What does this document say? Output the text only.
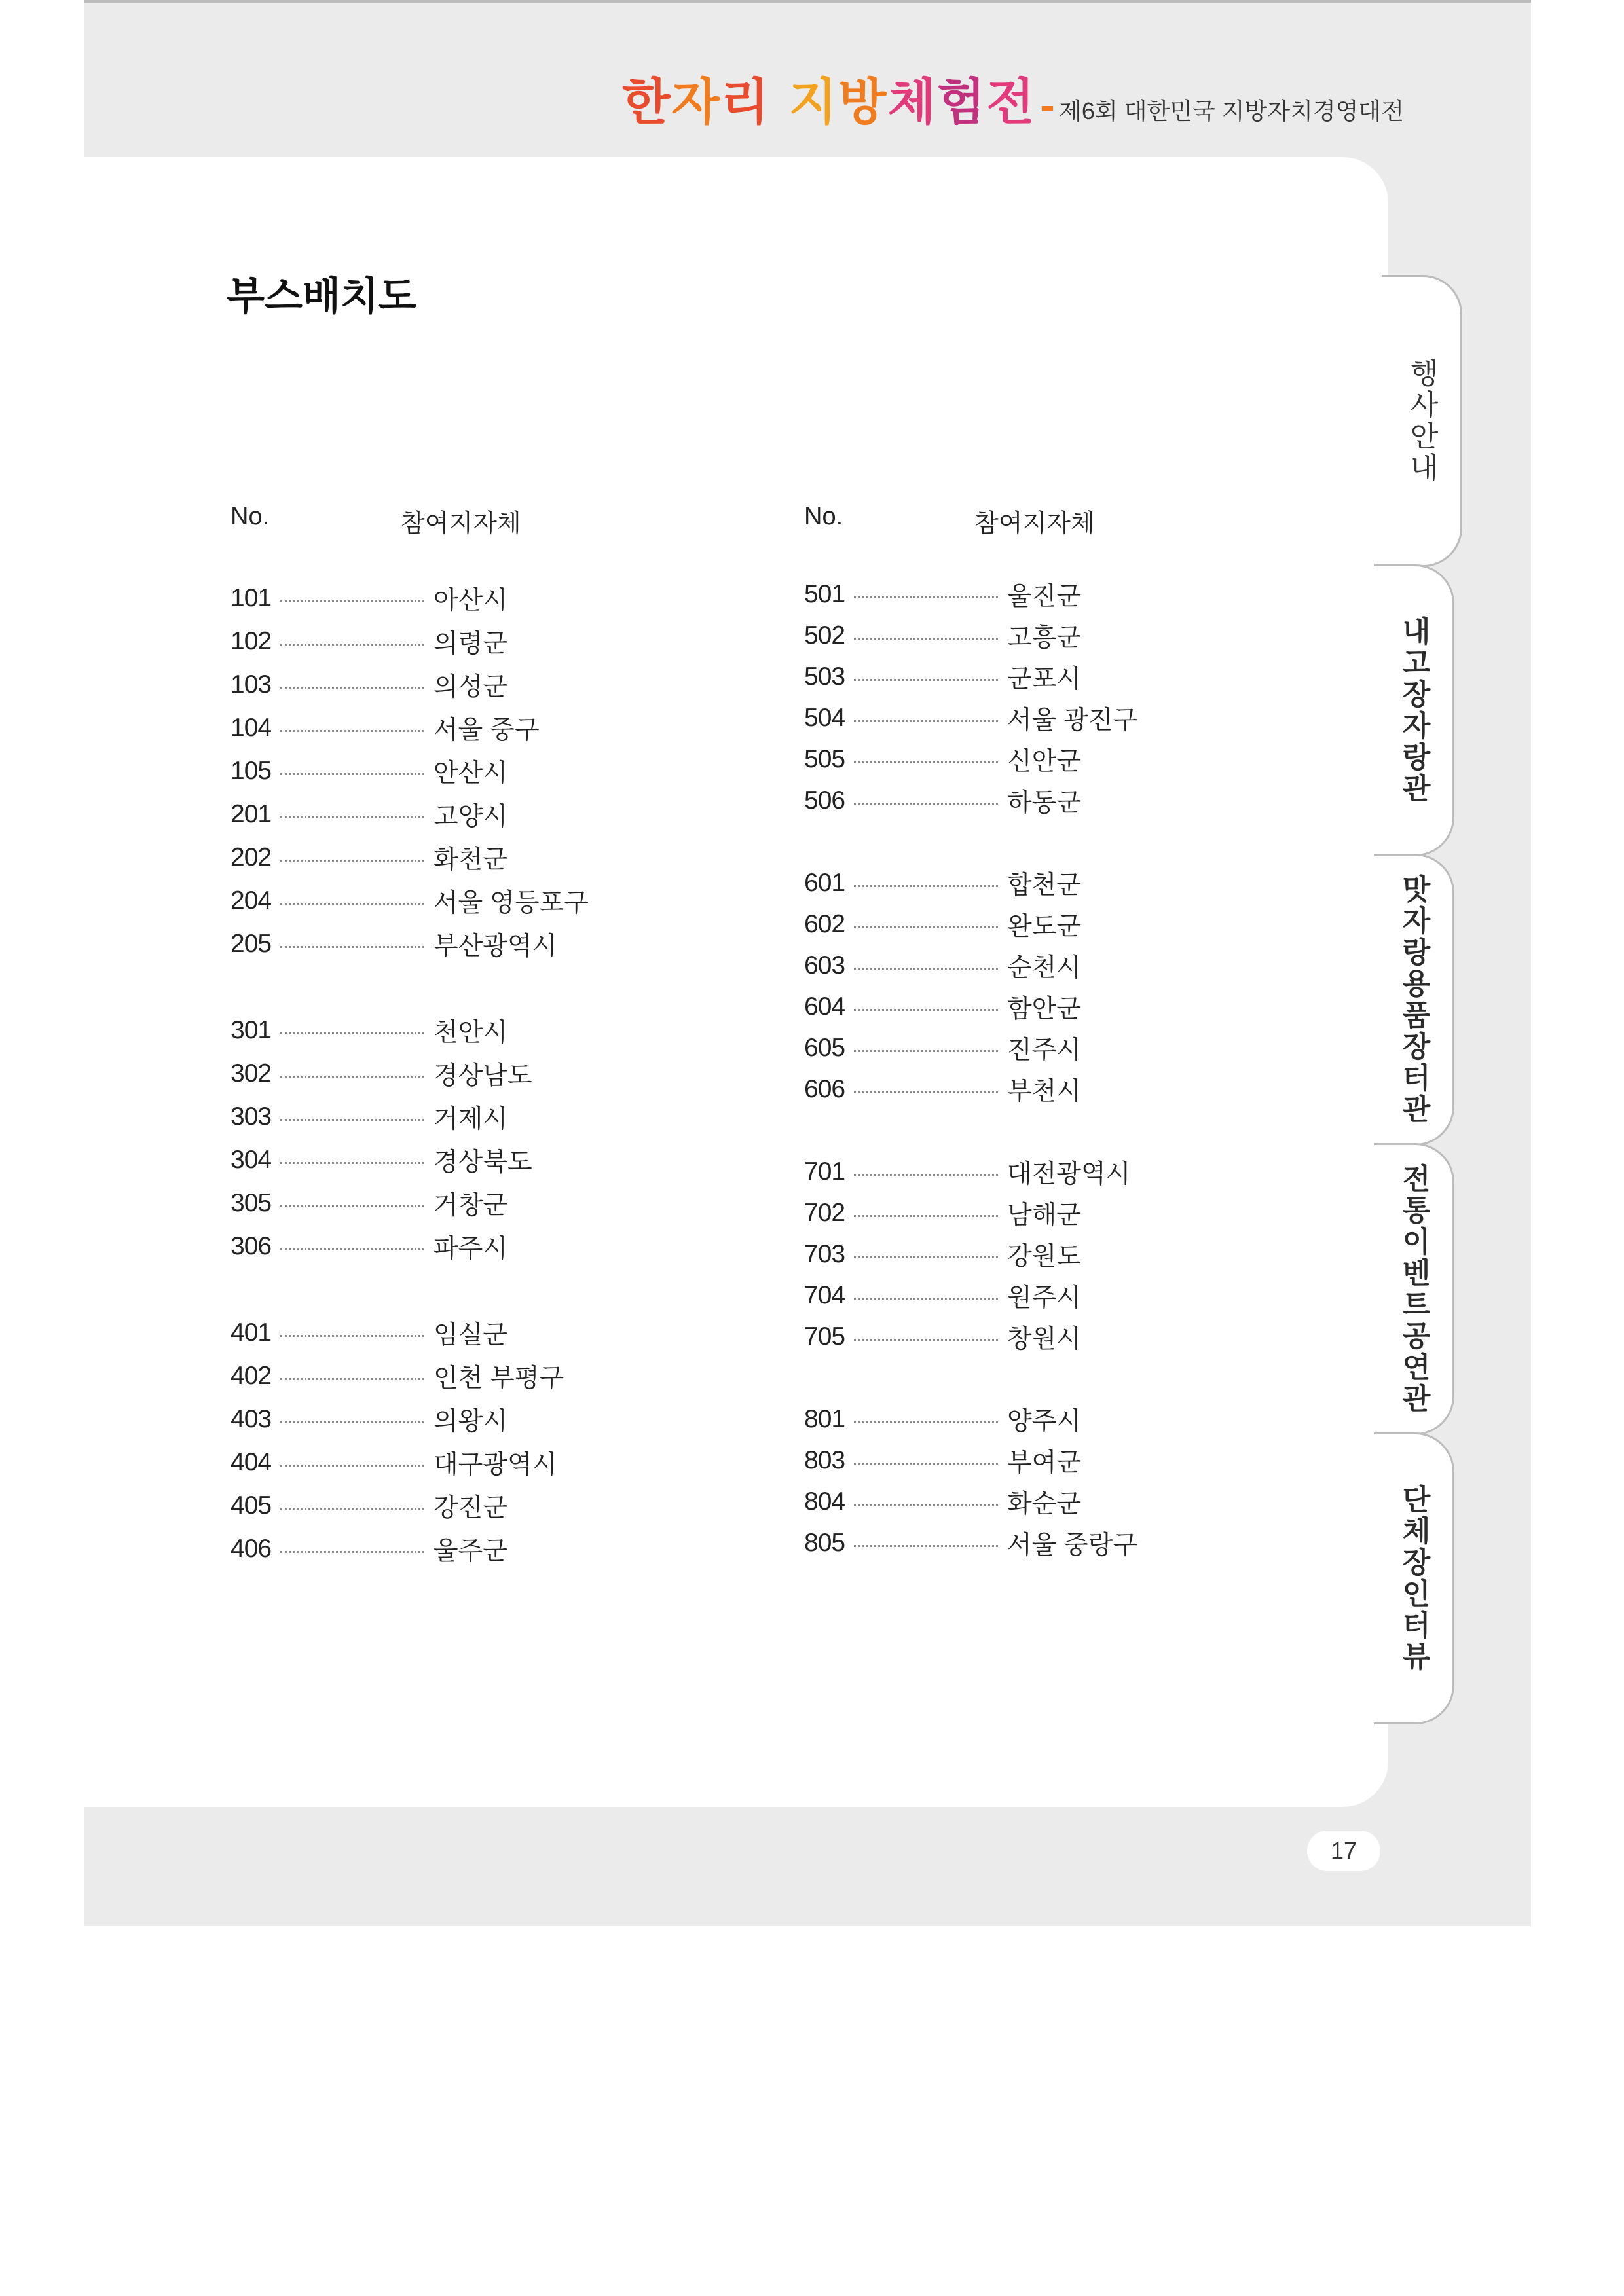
한자리 지방체험전 - 제6회 대한민국 지방자치경영대전
부스배치도
No.	참여지자체
101	아산시
102	의령군
103	의성군
104	서울 중구
105	안산시
201	고양시
202	화천군
204	서울 영등포구
205	부산광역시
301	천안시
302	경상남도
303	거제시
304	경상북도
305	거창군
306	파주시
401	임실군
402	인천 부평구
403	의왕시
404	대구광역시
405	강진군
406	울주군
No.	참여지자체
501	울진군
502	고흥군
503	군포시
504	서울 광진구
505	신안군
506	하동군
601	합천군
602	완도군
603	순천시
604	함안군
605	진주시
606	부천시
701	대전광역시
702	남해군
703	강원도
704	원주시
705	창원시
801	양주시
803	부여군
804	화순군
805	서울 중랑구
행사안내
내고장자랑관
맛자랑용품장터관
전통이벤트공연관
단체장인터뷰
17
